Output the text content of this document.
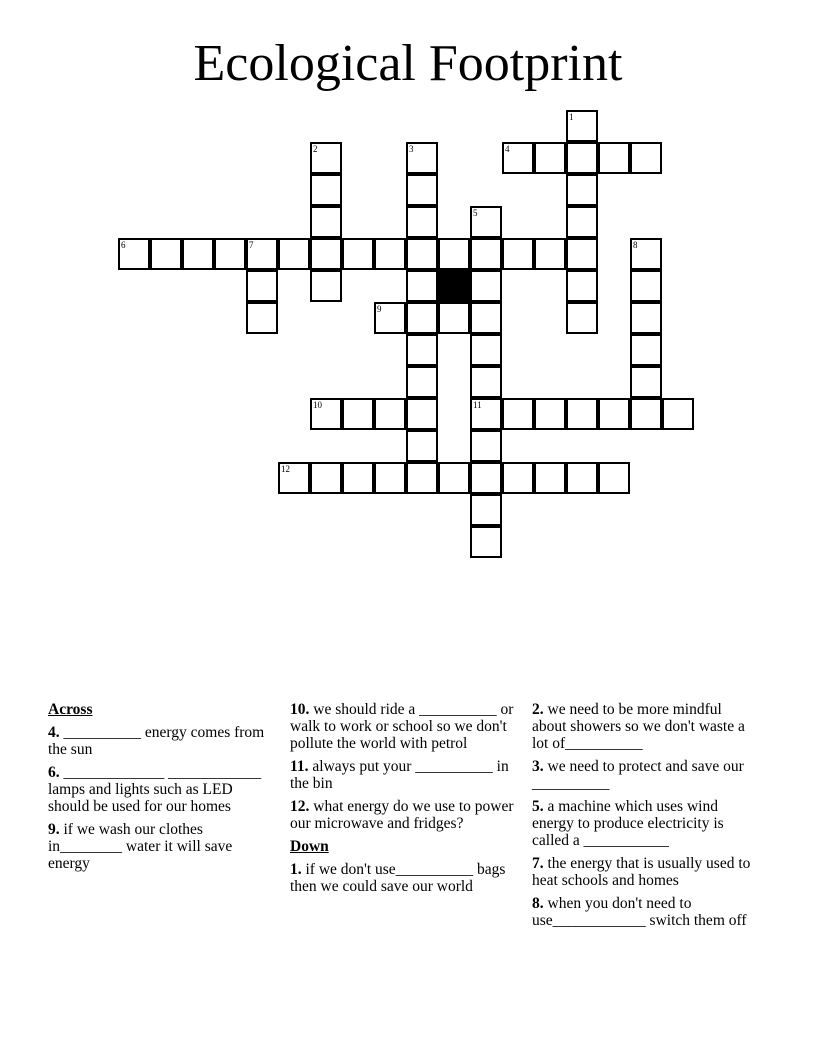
Ecological Footprint
1
2	3	4
5
6	7	8
9
10	11
12
Across
4. __________ energy comes from the sun
6. _____________ ____________ lamps and lights such as LED should be used for our homes
9. if we wash our clothes in________ water it will save energy
10. we should ride a __________ or walk to work or school so we don't pollute the world with petrol
11. always put your __________ in the bin
12. what energy do we use to power our microwave and fridges?
Down
1. if we don't use__________ bags then we could save our world
2. we need to be more mindful about showers so we don't waste a lot of__________
3. we need to protect and save our __________
5. a machine which uses wind energy to produce electricity is called a ___________
7. the energy that is usually used to heat schools and homes
8. when you don't need to use____________ switch them off
